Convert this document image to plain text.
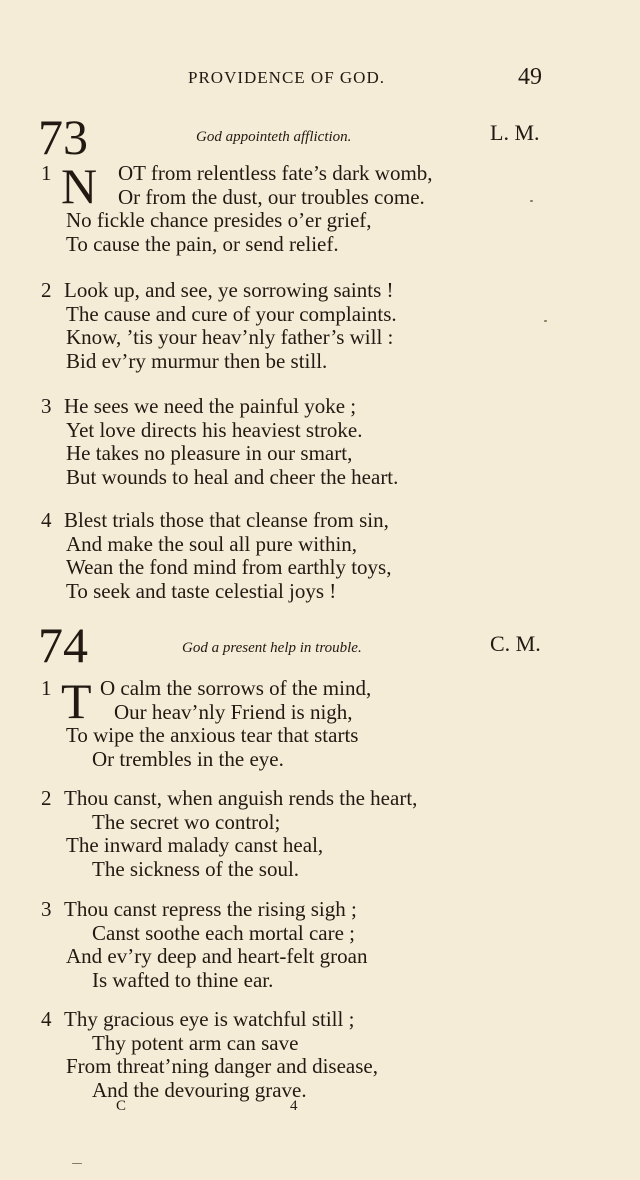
PROVIDENCE OF GOD.	49
73	God appointeth affliction.	L. M.
N
1	OT from relentless fate’s dark womb,
Or from the dust, our troubles come.
No fickle chance presides o’er grief,
To cause the pain, or send relief.
2 Look up, and see, ye sorrowing saints !
The cause and cure of your complaints.
Know, ’tis your heav’nly father’s will :
Bid ev’ry murmur then be still.
3 He sees we need the painful yoke ;
Yet love directs his heaviest stroke.
He takes no pleasure in our smart,
But wounds to heal and cheer the heart.
4 Blest trials those that cleanse from sin,
And make the soul all pure within,
Wean the fond mind from earthly toys,
To seek and taste celestial joys !
74	God a present help in trouble.	C. M.
T
1 O calm the sorrows of the mind,
Our heav’nly Friend is nigh,
To wipe the anxious tear that starts
Or trembles in the eye.
2 Thou canst, when anguish rends the heart,
The secret wo control;
The inward malady canst heal,
The sickness of the soul.
3 Thou canst repress the rising sigh ;
Canst soothe each mortal care ;
And ev’ry deep and heart-felt groan
Is wafted to thine ear.
4 Thy gracious eye is watchful still ;
Thy potent arm can save
From threat’ning danger and disease,
And the devouring grave.
C	4
